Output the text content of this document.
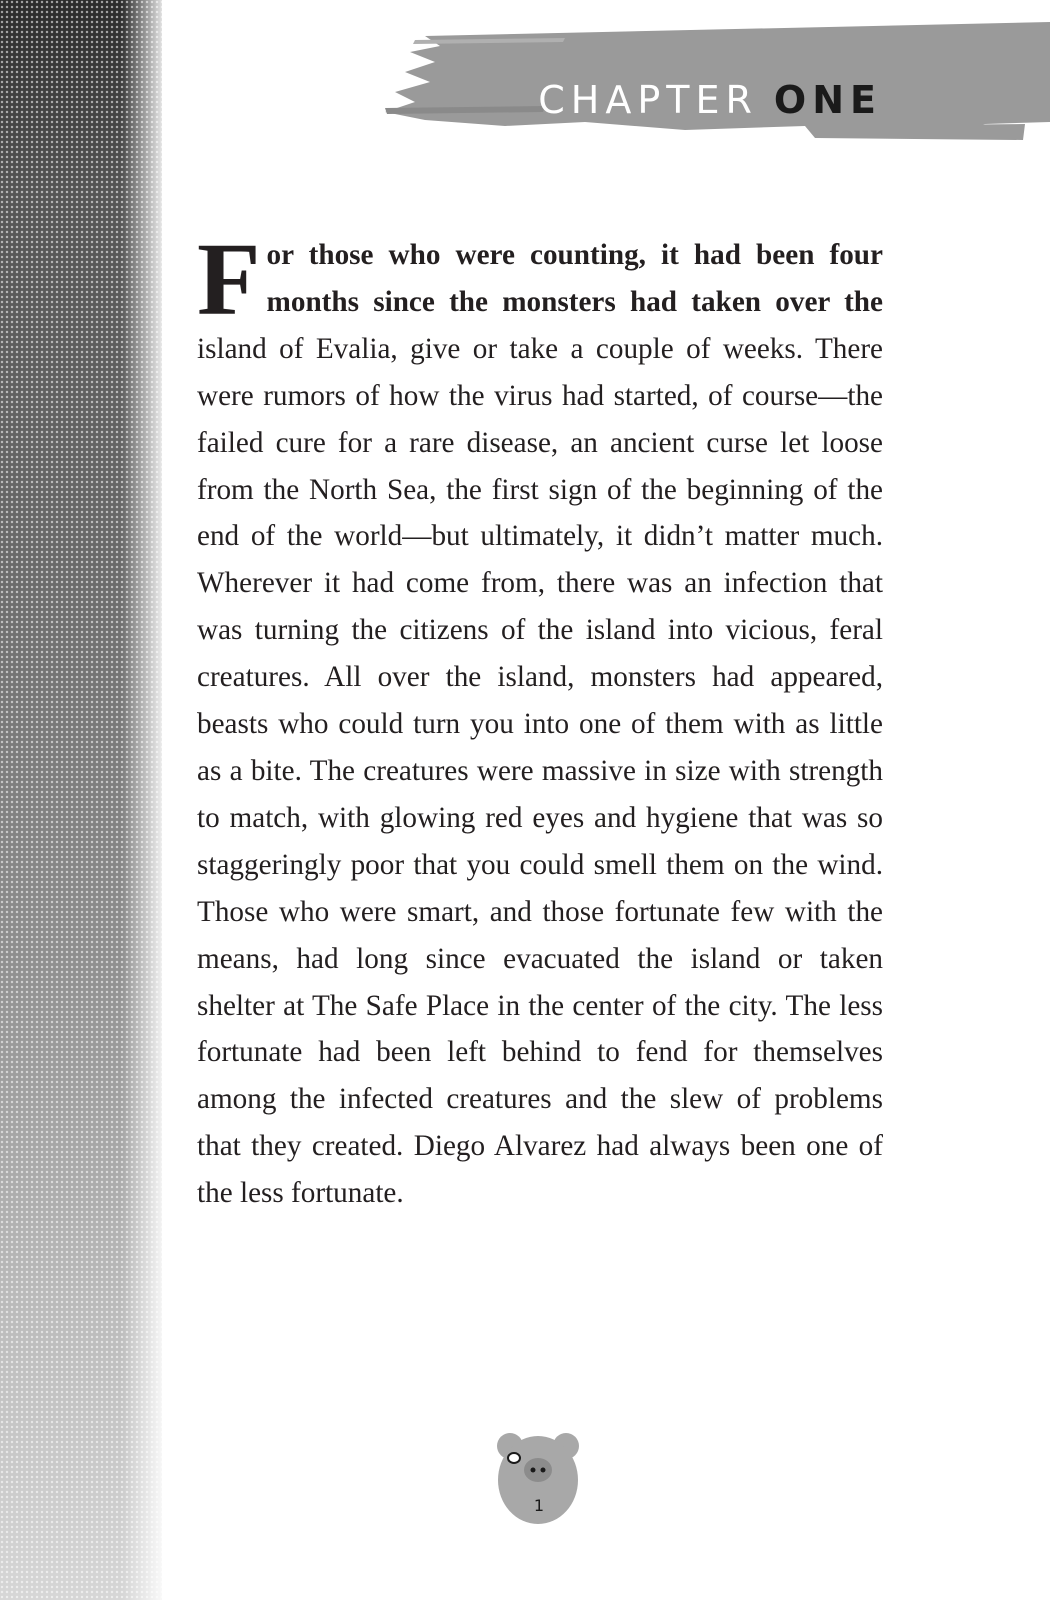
CHAPTER ONE
For those who were counting, it had been four months since the monsters had taken over the island of Evalia, give or take a couple of weeks. There were rumors of how the virus had started, of course—the failed cure for a rare disease, an ancient curse let loose from the North Sea, the first sign of the beginning of the end of the world—but ultimately, it didn’t matter much. Wherever it had come from, there was an infection that was turning the citizens of the island into vicious, feral creatures. All over the island, monsters had appeared, beasts who could turn you into one of them with as little as a bite. The creatures were massive in size with strength to match, with glowing red eyes and hygiene that was so staggeringly poor that you could smell them on the wind. Those who were smart, and those fortunate few with the means, had long since evacuated the island or taken shelter at The Safe Place in the center of the city. The less fortunate had been left behind to fend for themselves among the infected creatures and the slew of problems that they created. Diego Alvarez had always been one of the less fortunate.
1
